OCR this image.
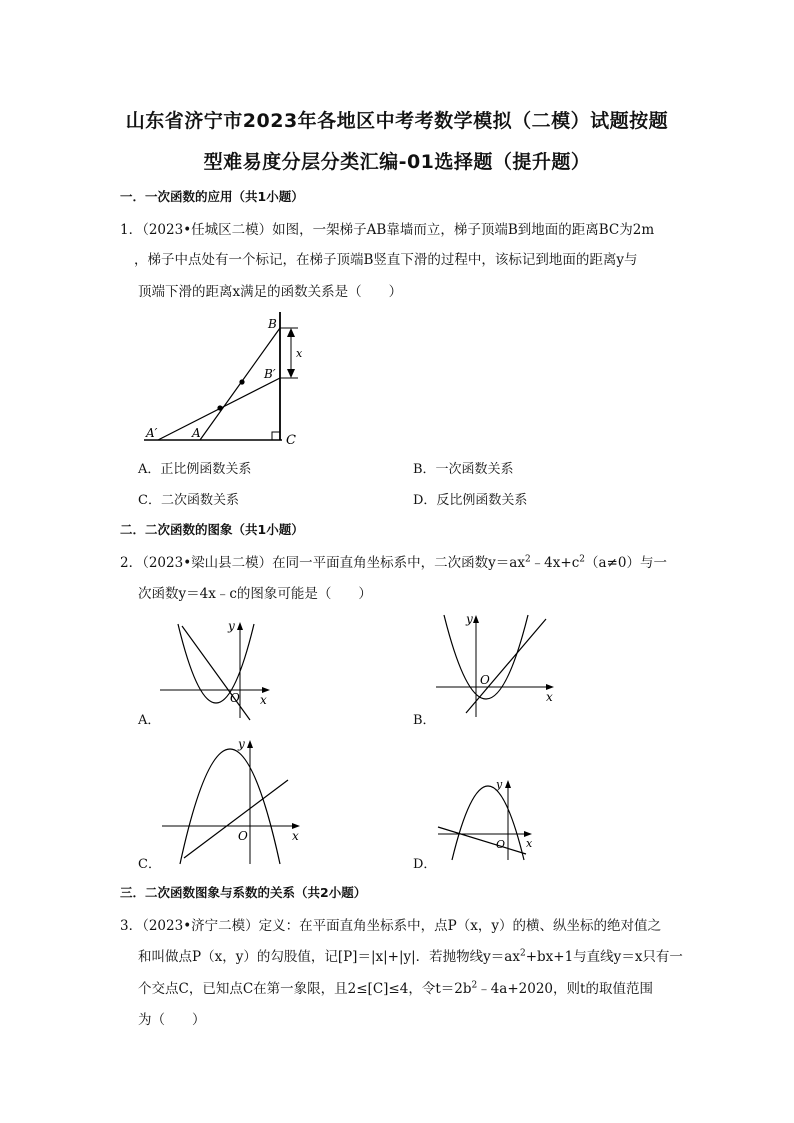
山东省济宁市2023年各地区中考考数学模拟（二模）试题按题
型难易度分层分类汇编-01选择题（提升题）
一．一次函数的应用（共1小题）
1．（2023•任城区二模）如图，一架梯子AB靠墙而立，梯子顶端B到地面的距离BC为2m
，梯子中点处有一个标记，在梯子顶端B竖直下滑的过程中，该标记到地面的距离y与
顶端下滑的距离x满足的函数关系是（　　）
x
B
B′
A′	A	C
A．正比例函数关系	B．一次函数关系
C．二次函数关系	D．反比例函数关系
二．二次函数的图象（共1小题）
2．（2023•梁山县二模）在同一平面直角坐标系中，二次函数$y=ax^2﹣4x+c^2(a\ne 0)$与一
次函数y＝4x﹣c的图象可能是（　　）
x
y
O
A．
x
y
O
B．
x
y
O
C．
x
y
O
D．
三．二次函数图象与系数的关系（共2小题）
3．（2023•济宁二模）定义：在平面直角坐标系中，点P（x，y）的横、纵坐标的绝对值之
和叫做点P（x，y）的勾股值，记[P]＝|x|+|y|．若抛物线$y=ax^2+bx+1$与直线y＝x只有一
个交点C，已知点C在第一象限，且2≤[C]≤4，令$t=2b^2﹣4a+2020$，则t的取值范围
为（　　）
